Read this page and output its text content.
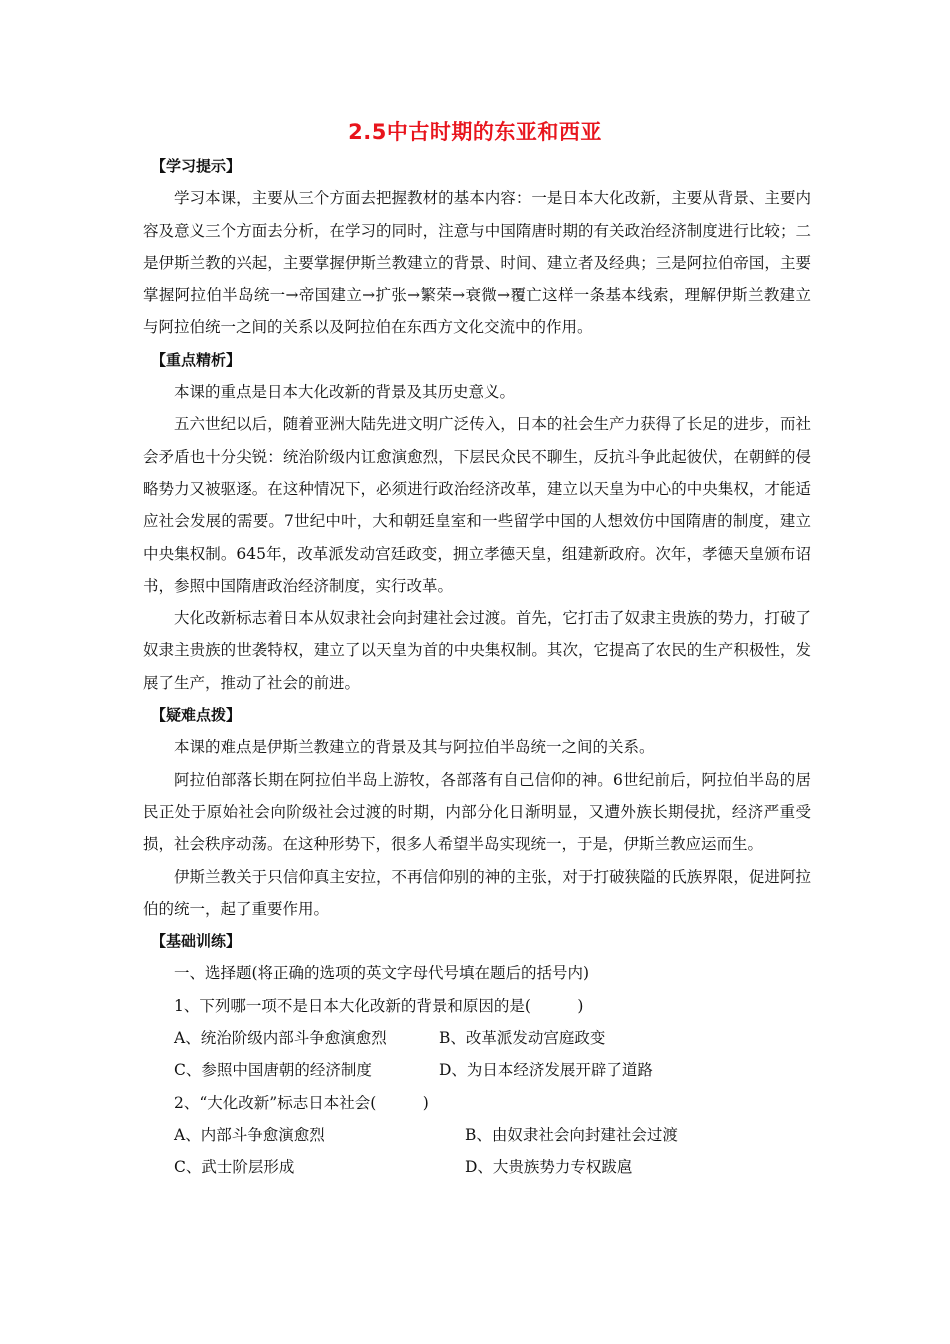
2.5中古时期的东亚和西亚
【学习提示】
学习本课，主要从三个方面去把握教材的基本内容：一是日本大化改新，主要从背景、主要内容及意义三个方面去分析，在学习的同时，注意与中国隋唐时期的有关政治经济制度进行比较；二是伊斯兰教的兴起，主要掌握伊斯兰教建立的背景、时间、建立者及经典；三是阿拉伯帝国，主要掌握阿拉伯半岛统一→帝国建立→扩张→繁荣→衰微→覆亡这样一条基本线索，理解伊斯兰教建立与阿拉伯统一之间的关系以及阿拉伯在东西方文化交流中的作用。
【重点精析】
本课的重点是日本大化改新的背景及其历史意义。
五六世纪以后，随着亚洲大陆先进文明广泛传入，日本的社会生产力获得了长足的进步，而社会矛盾也十分尖锐：统治阶级内讧愈演愈烈，下层民众民不聊生，反抗斗争此起彼伏，在朝鲜的侵略势力又被驱逐。在这种情况下，必须进行政治经济改革，建立以天皇为中心的中央集权，才能适应社会发展的需要。7世纪中叶，大和朝廷皇室和一些留学中国的人想效仿中国隋唐的制度，建立中央集权制。645年，改革派发动宫廷政变，拥立孝德天皇，组建新政府。次年，孝德天皇颁布诏书，参照中国隋唐政治经济制度，实行改革。
大化改新标志着日本从奴隶社会向封建社会过渡。首先，它打击了奴隶主贵族的势力，打破了奴隶主贵族的世袭特权，建立了以天皇为首的中央集权制。其次，它提高了农民的生产积极性，发展了生产，推动了社会的前进。
【疑难点拨】
本课的难点是伊斯兰教建立的背景及其与阿拉伯半岛统一之间的关系。
阿拉伯部落长期在阿拉伯半岛上游牧，各部落有自己信仰的神。6世纪前后，阿拉伯半岛的居民正处于原始社会向阶级社会过渡的时期，内部分化日渐明显，又遭外族长期侵扰，经济严重受损，社会秩序动荡。在这种形势下，很多人希望半岛实现统一，于是，伊斯兰教应运而生。
伊斯兰教关于只信仰真主安拉，不再信仰别的神的主张，对于打破狭隘的氏族界限，促进阿拉伯的统一，起了重要作用。
【基础训练】
一、选择题(将正确的选项的英文字母代号填在题后的括号内)
1、下列哪一项不是日本大化改新的背景和原因的是(　　　)
A、统治阶级内部斗争愈演愈烈	B、改革派发动宫庭政变
C、参照中国唐朝的经济制度	D、为日本经济发展开辟了道路
2、“大化改新”标志日本社会(　　　)
A、内部斗争愈演愈烈	B、由奴隶社会向封建社会过渡
C、武士阶层形成	D、大贵族势力专权跋扈
